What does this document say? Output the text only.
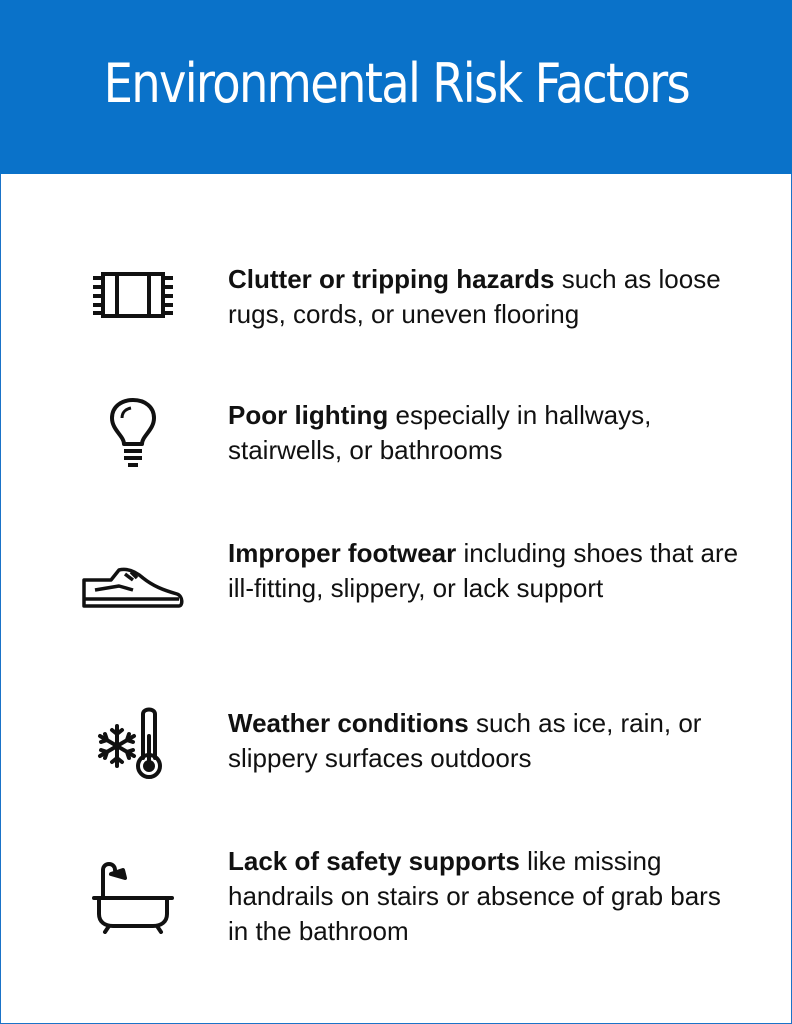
Environmental Risk Factors
Clutter or tripping hazards such as loose rugs, cords, or uneven flooring
Poor lighting especially in hallways, stairwells, or bathrooms
Improper footwear including shoes that are ill-fitting, slippery, or lack support
Weather conditions such as ice, rain, or slippery surfaces outdoors
Lack of safety supports like missing handrails on stairs or absence of grab bars in the bathroom
